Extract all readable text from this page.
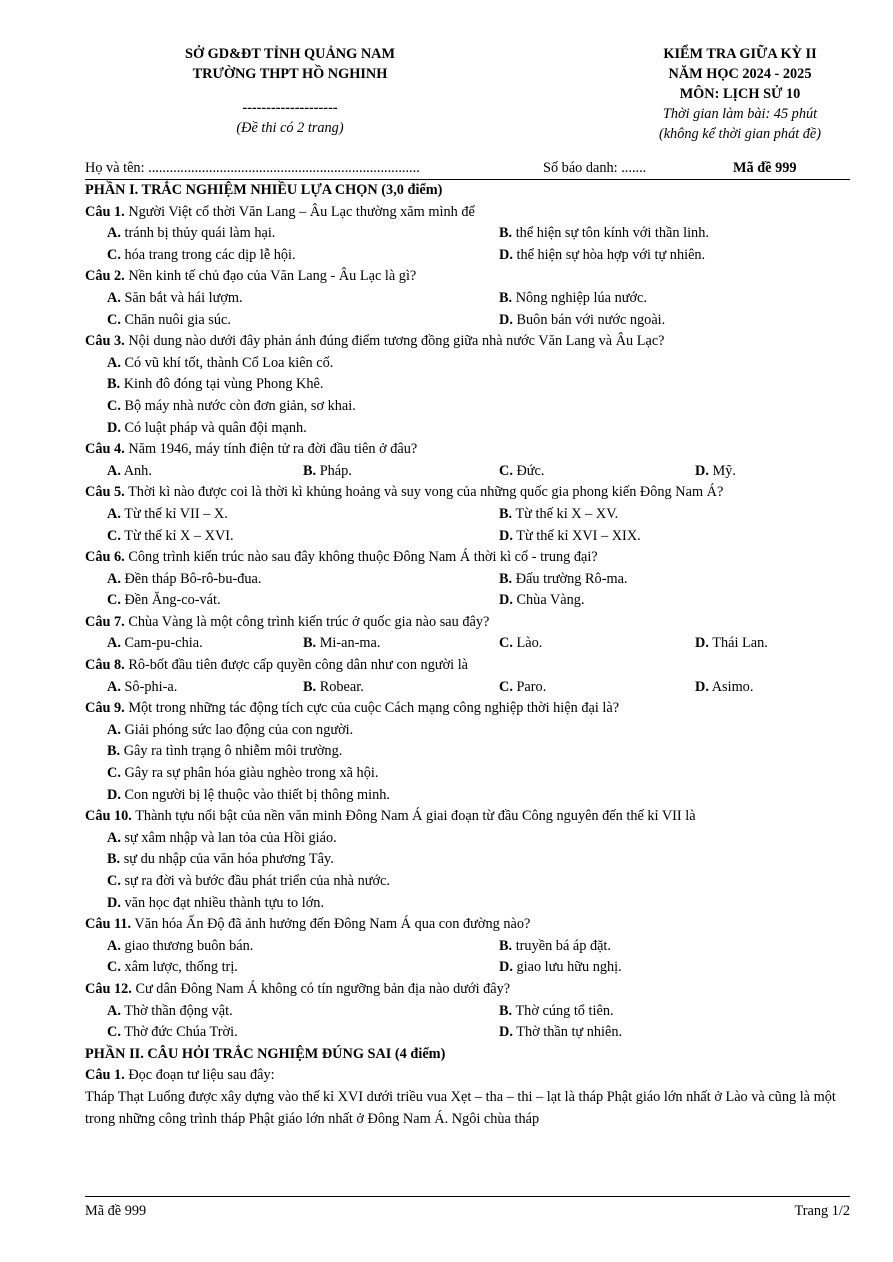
SỞ GD&ĐT TỈNH QUẢNG NAM
TRƯỜNG THPT HỒ NGHINH
--------------------
(Đề thi có 2 trang)
KIỂM TRA GIỮA KỲ II
NĂM HỌC 2024 - 2025
MÔN: LỊCH SỬ 10
Thời gian làm bài: 45 phút
(không kể thời gian phát đề)
Họ và tên: ............................................................................	Số báo danh: .......	Mã đề 999
PHẦN I. TRẮC NGHIỆM NHIỀU LỰA CHỌN (3,0 điểm)
Câu 1. Người Việt cổ thời Văn Lang – Âu Lạc thường xăm mình để
A. tránh bị thủy quái làm hại.	B. thể hiện sự tôn kính với thần linh.
C. hóa trang trong các dịp lễ hội.	D. thể hiện sự hòa hợp với tự nhiên.
Câu 2. Nền kinh tế chủ đạo của Văn Lang - Âu Lạc là gì?
A. Săn bắt và hái lượm.	B. Nông nghiệp lúa nước.
C. Chăn nuôi gia súc.	D. Buôn bán với nước ngoài.
Câu 3. Nội dung nào dưới đây phản ánh đúng điểm tương đồng giữa nhà nước Văn Lang và Âu Lạc?
A. Có vũ khí tốt, thành Cổ Loa kiên cố.
B. Kinh đô đóng tại vùng Phong Khê.
C. Bộ máy nhà nước còn đơn giản, sơ khai.
D. Có luật pháp và quân đội mạnh.
Câu 4. Năm 1946, máy tính điện tử ra đời đầu tiên ở đâu?
A. Anh.	B. Pháp.	C. Đức.	D. Mỹ.
Câu 5. Thời kì nào được coi là thời kì khủng hoảng và suy vong của những quốc gia phong kiến Đông Nam Á?
A. Từ thế kỉ VII – X.	B. Từ thế kỉ X – XV.
C. Từ thế kỉ X – XVI.	D. Từ thế kỉ XVI – XIX.
Câu 6. Công trình kiến trúc nào sau đây không thuộc Đông Nam Á thời kì cổ - trung đại?
A. Đền tháp Bô-rô-bu-đua.	B. Đấu trường Rô-ma.
C. Đền Ăng-co-vát.	D. Chùa Vàng.
Câu 7. Chùa Vàng là một công trình kiến trúc ở quốc gia nào sau đây?
A. Cam-pu-chia.	B. Mi-an-ma.	C. Lào.	D. Thái Lan.
Câu 8. Rô-bốt đầu tiên được cấp quyền công dân như con người là
A. Sô-phi-a.	B. Robear.	C. Paro.	D. Asimo.
Câu 9. Một trong những tác động tích cực của cuộc Cách mạng công nghiệp thời hiện đại là?
A. Giải phóng sức lao động của con người.
B. Gây ra tình trạng ô nhiễm môi trường.
C. Gây ra sự phân hóa giàu nghèo trong xã hội.
D. Con người bị lệ thuộc vào thiết bị thông minh.
Câu 10. Thành tựu nổi bật của nền văn minh Đông Nam Á giai đoạn từ đầu Công nguyên đến thế kỉ VII là
A. sự xâm nhập và lan tỏa của Hồi giáo.
B. sự du nhập của văn hóa phương Tây.
C. sự ra đời và bước đầu phát triển của nhà nước.
D. văn học đạt nhiều thành tựu to lớn.
Câu 11. Văn hóa Ấn Độ đã ảnh hưởng đến Đông Nam Á qua con đường nào?
A. giao thương buôn bán.	B. truyền bá áp đặt.
C. xâm lược, thống trị.	D. giao lưu hữu nghị.
Câu 12. Cư dân Đông Nam Á không có tín ngưỡng bản địa nào dưới đây?
A. Thờ thần động vật.	B. Thờ cúng tổ tiên.
C. Thờ đức Chúa Trời.	D. Thờ thần tự nhiên.
PHẦN II. CÂU HỎI TRẮC NGHIỆM ĐÚNG SAI (4 điểm)
Câu 1. Đọc đoạn tư liệu sau đây:
Tháp Thạt Luổng được xây dựng vào thế kỉ XVI dưới triều vua Xẹt – tha – thi – lạt là tháp Phật giáo lớn nhất ở Lào và cũng là một trong những công trình tháp Phật giáo lớn nhất ở Đông Nam Á. Ngôi chùa tháp
Mã đề 999	Trang 1/2
